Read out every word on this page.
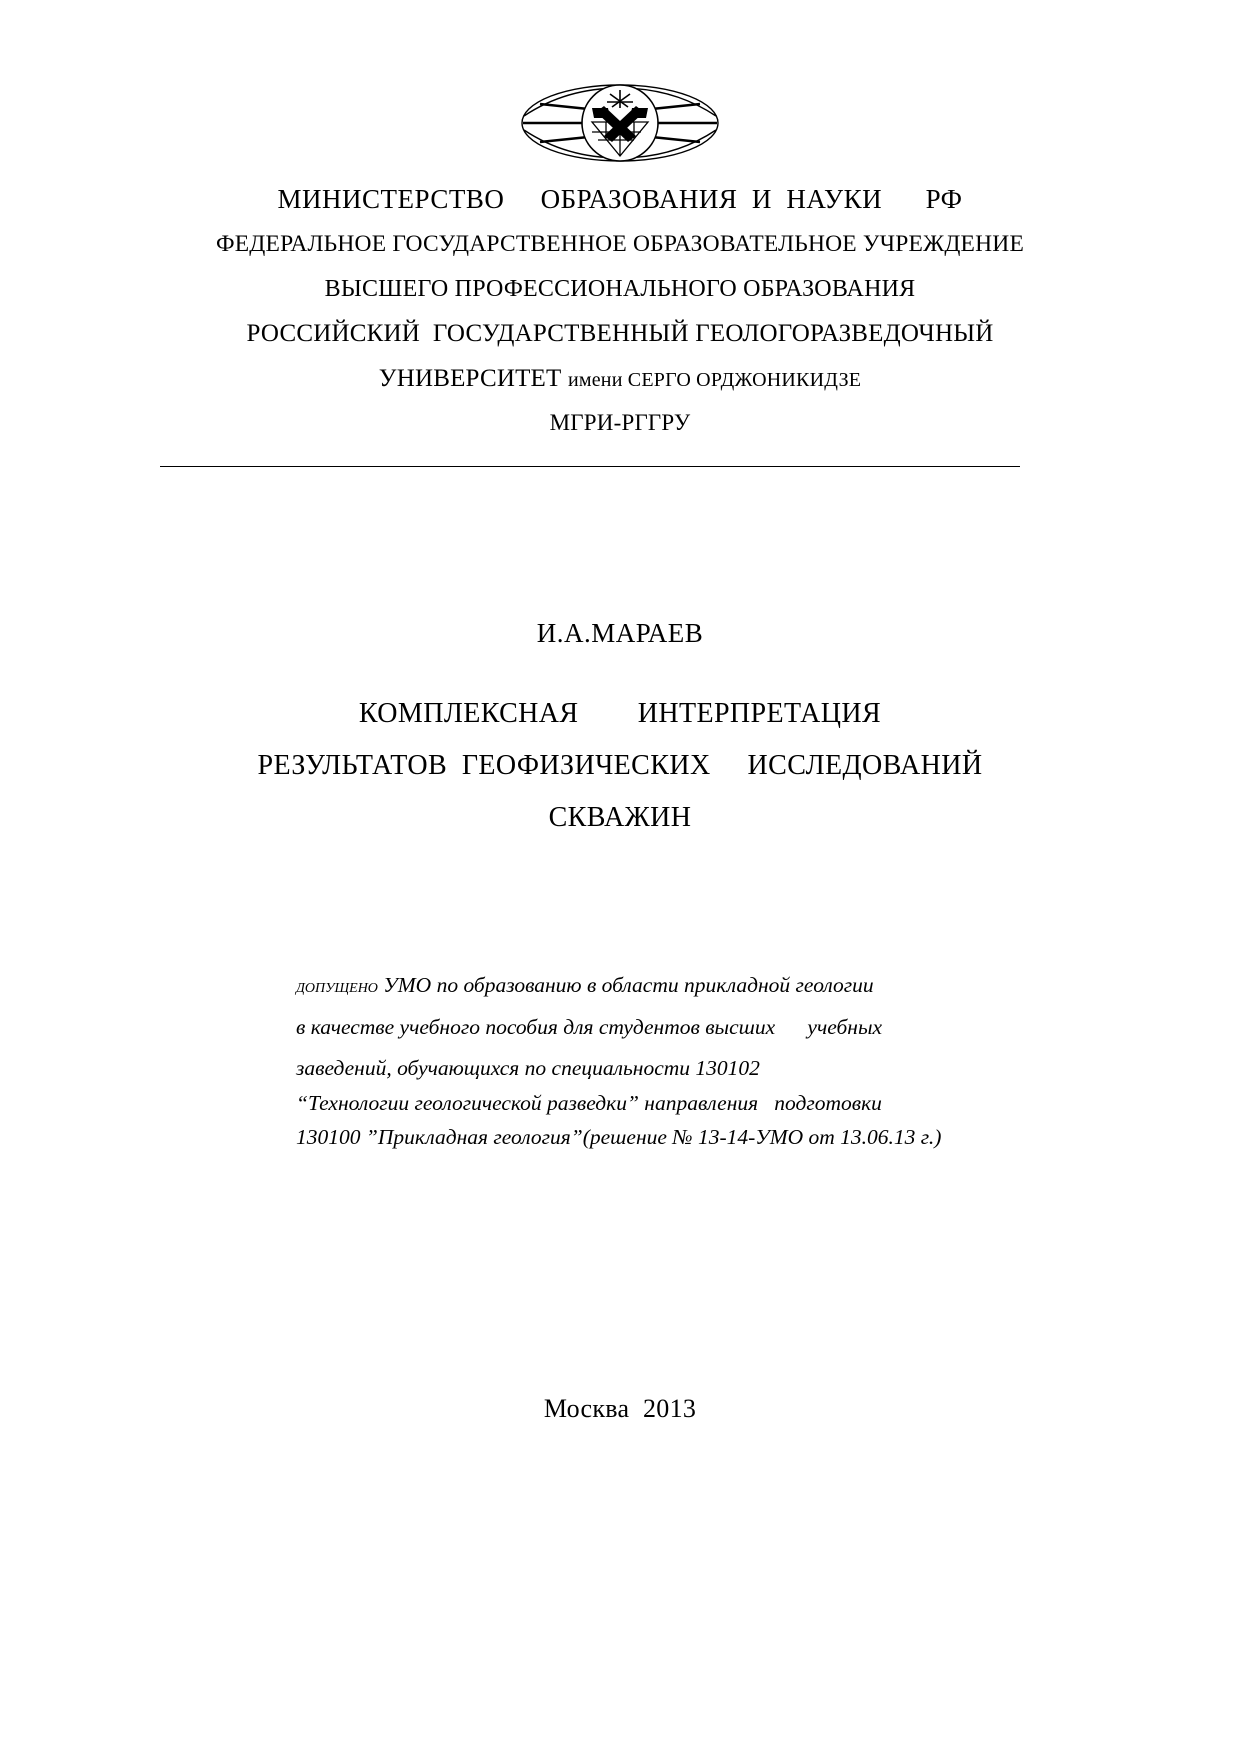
МИНИСТЕРСТВО     ОБРАЗОВАНИЯ  И  НАУКИ      РФ
ФЕДЕРАЛЬНОЕ ГОСУДАРСТВЕННОЕ ОБРАЗОВАТЕЛЬНОЕ УЧРЕЖДЕНИЕ
ВЫСШЕГО ПРОФЕССИОНАЛЬНОГО ОБРАЗОВАНИЯ
РОССИЙСКИЙ  ГОСУДАРСТВЕННЫЙ ГЕОЛОГОРАЗВЕДОЧНЫЙ
УНИВЕРСИТЕТ имени СЕРГО ОРДЖОНИКИДЗЕ
МГРИ-РГГРУ
И.А.МАРАЕВ
КОМПЛЕКСНАЯ        ИНТЕРПРЕТАЦИЯ
РЕЗУЛЬТАТОВ  ГЕОФИЗИЧЕСКИХ     ИССЛЕДОВАНИЙ
СКВАЖИН
допущено УМО по образованию в области прикладной геологии
в качестве учебного пособия для студентов высших      учебных
заведений, обучающихся по специальности 130102
“Технологии геологической разведки” направления   подготовки
130100 ”Прикладная геология”(решение № 13-14-УМО от 13.06.13 г.)
Москва  2013
